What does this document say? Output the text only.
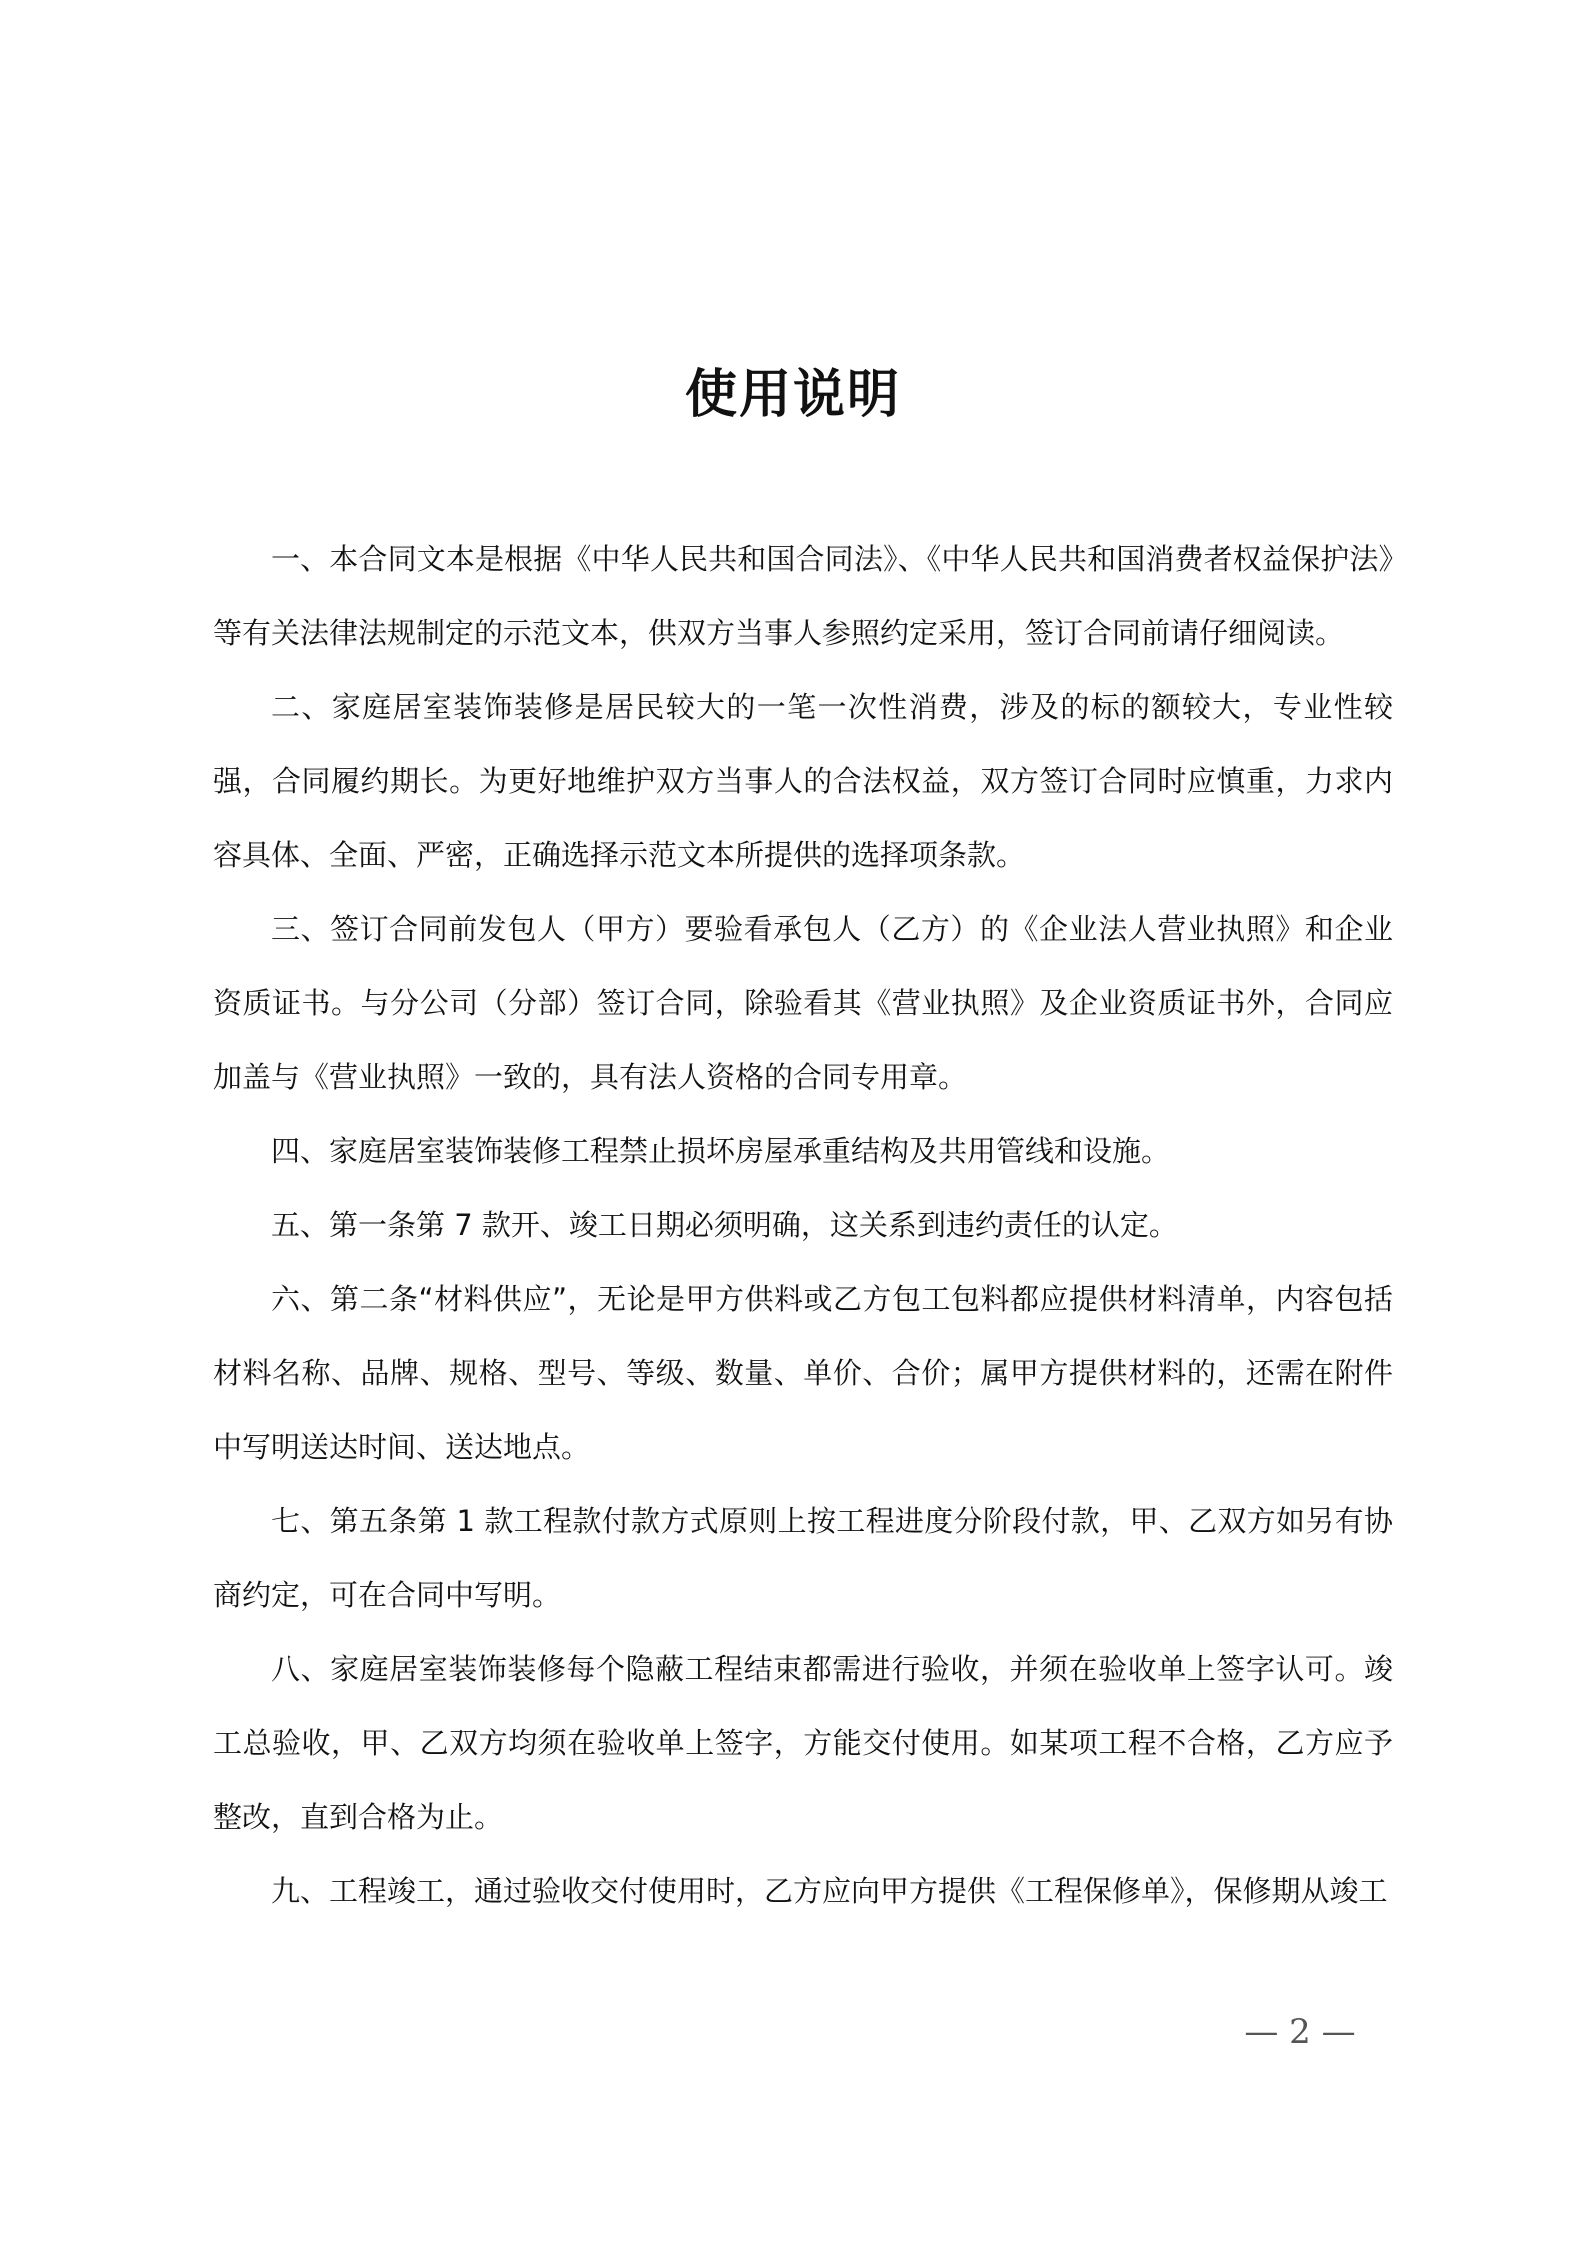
使用说明

一、本合同文本是根据《中华人民共和国合同法》、《中华人民共和国消费者权益保护法》等有关法律法规制定的示范文本，供双方当事人参照约定采用，签订合同前请仔细阅读。

二、家庭居室装饰装修是居民较大的一笔一次性消费，涉及的标的额较大，专业性较强，合同履约期长。为更好地维护双方当事人的合法权益，双方签订合同时应慎重，力求内容具体、全面、严密，正确选择示范文本所提供的选择项条款。

三、签订合同前发包人（甲方）要验看承包人（乙方）的《企业法人营业执照》和企业资质证书。与分公司（分部）签订合同，除验看其《营业执照》及企业资质证书外，合同应加盖与《营业执照》一致的，具有法人资格的合同专用章。

四、家庭居室装饰装修工程禁止损坏房屋承重结构及共用管线和设施。

五、第一条第 7 款开、竣工日期必须明确，这关系到违约责任的认定。

六、第二条“材料供应”，无论是甲方供料或乙方包工包料都应提供材料清单，内容包括材料名称、品牌、规格、型号、等级、数量、单价、合价；属甲方提供材料的，还需在附件中写明送达时间、送达地点。

七、第五条第 1 款工程款付款方式原则上按工程进度分阶段付款，甲、乙双方如另有协商约定，可在合同中写明。

八、家庭居室装饰装修每个隐蔽工程结束都需进行验收，并须在验收单上签字认可。竣工总验收，甲、乙双方均须在验收单上签字，方能交付使用。如某项工程不合格，乙方应予整改，直到合格为止。

九、工程竣工，通过验收交付使用时，乙方应向甲方提供《工程保修单》，保修期从竣工

— 2 —
